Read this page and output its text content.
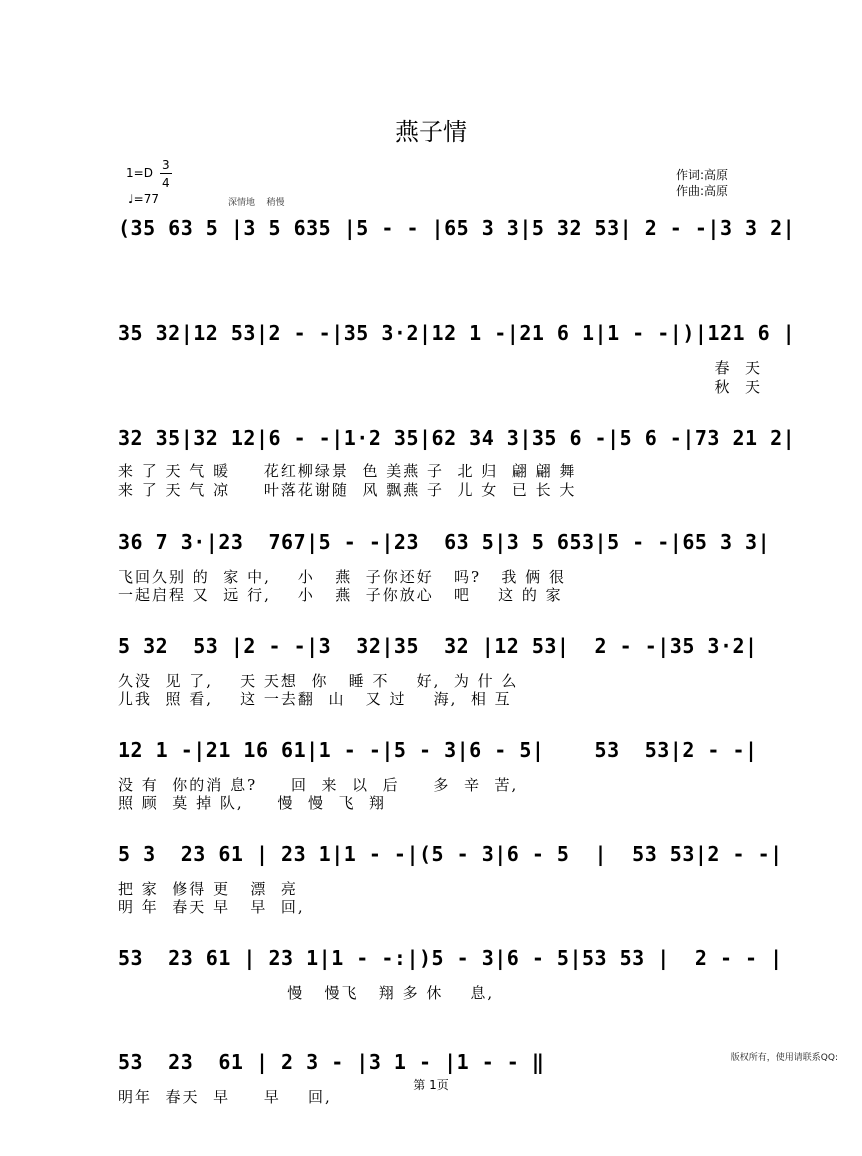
燕子情
1=D
3
4
♩=77	深情地    稍慢
作词:高原
作曲:高原
(35 63 5 |3 5 635 |5 - - |65 3 3|5 32 53| 2 - -|3 3 2|
35 32|12 53|2 - -|35 3·2|12 1 -|21 6 1|1 - -|)|121 6 |
春  天
秋  天
32 35|32 12|6 - -|1·2 35|62 34 3|35 6 -|5 6 -|73 21 2|
来 了 天 气 暖     花红柳绿景  色 美燕 子  北 归  翩 翩 舞
来 了 天 气 凉     叶落花谢随  风 飘燕 子  儿 女  已 长 大
36 7 3·|23  767|5 - -|23  63 5|3 5 653|5 - -|65 3 3|
飞回久别 的  家 中,    小   燕  子你还好   吗?   我 俩 很
一起启程 又  远 行,    小   燕  子你放心   吧    这 的 家
5 32  53 |2 - -|3  32|35  32 |12 53|  2 - -|35 3·2|
久没  见 了,    天 天想  你   睡 不    好,  为 什 么
儿我  照 看,    这 一去翻  山   又 过    海,  相 互
12 1 -|21 16 61|1 - -|5 - 3|6 - 5|    53  53|2 - -|
没 有  你的消 息?     回  来  以  后     多  辛  苦,
照 顾  莫 掉 队,     慢  慢  飞  翔
5 3  23 61 | 23 1|1 - -|(5 - 3|6 - 5  |  53 53|2 - -|
把 家  修得 更   漂  亮
明 年  春天 早   早  回,
53  23 61 | 23 1|1 - -:|)5 - 3|6 - 5|53 53 |  2 - - |
慢   慢飞   翔 多 休    息,
53  23  61 | 2 3 - |3 1 - |1 - - ‖
明年  春天  早     早    回,
第 1页
版权所有，使用请联系QQ:
